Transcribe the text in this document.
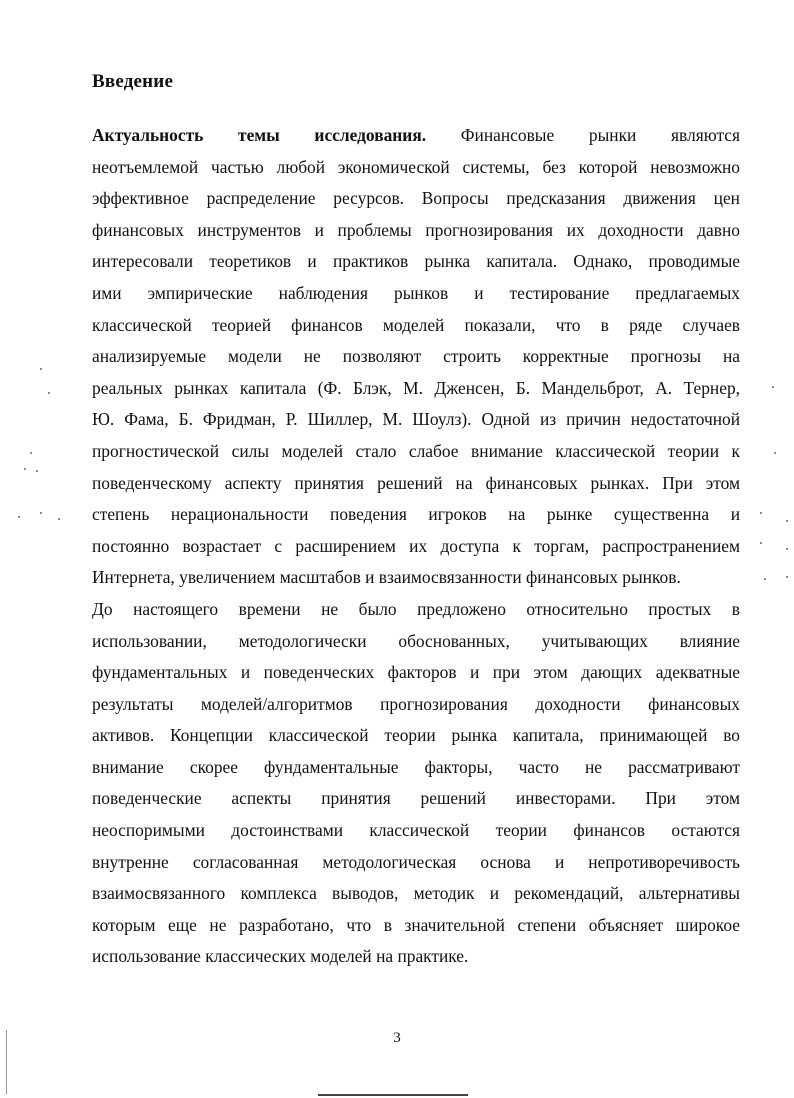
Введение
Актуальность темы исследования. Финансовые рынки являются
неотъемлемой частью любой экономической системы, без которой невозможно
эффективное распределение ресурсов. Вопросы предсказания движения цен
финансовых инструментов и проблемы прогнозирования их доходности давно
интересовали теоретиков и практиков рынка капитала. Однако, проводимые
ими эмпирические наблюдения рынков и тестирование предлагаемых
классической теорией финансов моделей показали, что в ряде случаев
анализируемые модели не позволяют строить корректные прогнозы на
реальных рынках капитала (Ф. Блэк, М. Дженсен, Б. Мандельброт, А. Тернер,
Ю. Фама, Б. Фридман, Р. Шиллер, М. Шоулз). Одной из причин недостаточной
прогностической силы моделей стало слабое внимание классической теории к
поведенческому аспекту принятия решений на финансовых рынках. При этом
степень нерациональности поведения игроков на рынке существенна и
постоянно возрастает с расширением их доступа к торгам, распространением
Интернета, увеличением масштабов и взаимосвязанности финансовых рынков.
До настоящего времени не было предложено относительно простых в
использовании, методологически обоснованных, учитывающих влияние
фундаментальных и поведенческих факторов и при этом дающих адекватные
результаты моделей/алгоритмов прогнозирования доходности финансовых
активов. Концепции классической теории рынка капитала, принимающей во
внимание скорее фундаментальные факторы, часто не рассматривают
поведенческие аспекты принятия решений инвесторами. При этом
неоспоримыми достоинствами классической теории финансов остаются
внутренне согласованная методологическая основа и непротиворечивость
взаимосвязанного комплекса выводов, методик и рекомендаций, альтернативы
которым еще не разработано, что в значительной степени объясняет широкое
использование классических моделей на практике.
3
